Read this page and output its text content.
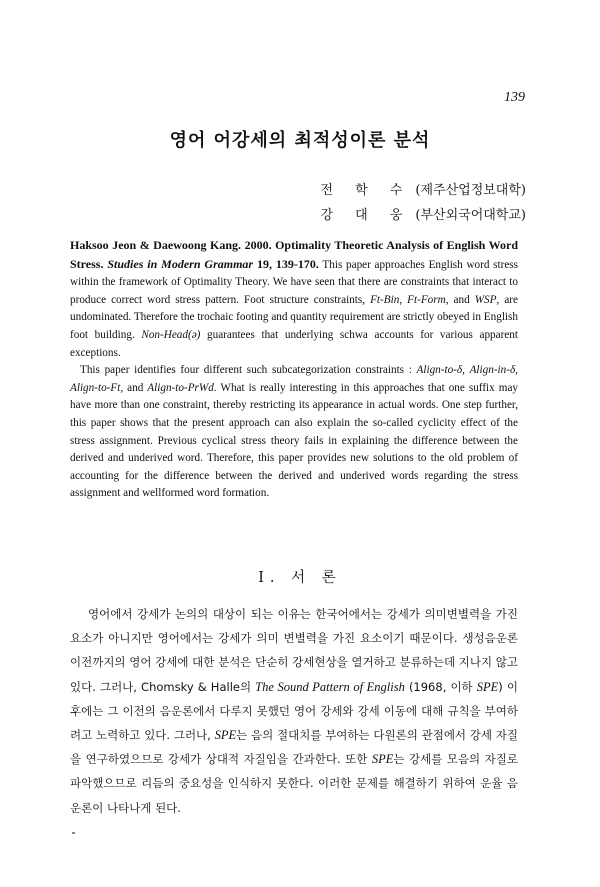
139
영어 어강세의 최적성이론 분석
전 학 수 (제주산업정보대학)
강 대 웅 (부산외국어대학교)

Haksoo Jeon & Daewoong Kang. 2000. Optimality Theoretic Analysis of English Word Stress. Studies in Modern Grammar 19, 139-170. This paper approaches English word stress within the framework of Optimality Theory. We have seen that there are constraints that interact to produce correct word stress pattern. Foot structure constraints, Ft-Bin, Ft-Form, and WSP, are undominated. Therefore the trochaic footing and quantity requirement are strictly obeyed in English foot building. Non-Head(ə) guarantees that underlying schwa accounts for various apparent exceptions.

This paper identifies four different such subcategorization constraints : Align-to-δ, Align-in-δ, Align-to-Ft, and Align-to-PrWd. What is really interesting in this approaches that one suffix may have more than one constraint, thereby restricting its appearance in actual words. One step further, this paper shows that the present approach can also explain the so-called cyclicity effect of the stress assignment. Previous cyclical stress theory fails in explaining the difference between the derived and underived word. Therefore, this paper provides new solutions to the old problem of accounting for the difference between the derived and underived words regarding the stress assignment and wellformed word formation.

I. 서 론

영어에서 강세가 논의의 대상이 되는 이유는 한국어에서는 강세가 의미변별력을 가진 요소가 아니지만 영어에서는 강세가 의미 변별력을 가진 요소이기 때문이다. 생성음운론 이전까지의 영어 강세에 대한 분석은 단순히 강세현상을 열거하고 분류하는데 지나지 않고 있다. 그러나, Chomsky & Halle의 The Sound Pattern of English (1968, 이하 SPE) 이후에는 그 이전의 음운론에서 다루지 못했던 영어 강세와 강세 이동에 대해 규칙을 부여하려고 노력하고 있다. 그러나, SPE는 음의 절대치를 부여하는 다원론의 관점에서 강세 자질을 연구하였으므로 강세가 상대적 자질임을 간과한다. 또한 SPE는 강세를 모음의 자질로 파악했으므로 리듬의 중요성을 인식하지 못한다. 이러한 문제를 해결하기 위하여 운율 음운론이 나타나게 된다.
